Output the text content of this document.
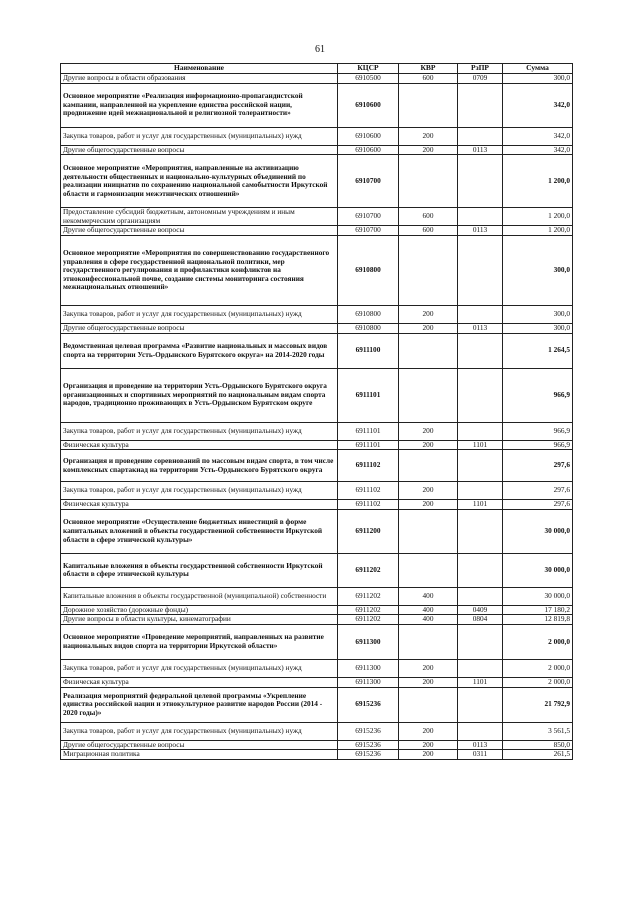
61
Наименование	КЦСР	КВР	РзПР	Сумма
Другие вопросы в области образования	6910500	600	0709	300,0
Основное мероприятие «Реализация информационно-пропагандистской кампании, направленной на укрепление единства российской нации, продвижение идей межнациональной и религиозной толерантности»	6910600			342,0
Закупка товаров, работ и услуг для государственных (муниципальных) нужд	6910600	200		342,0
Другие общегосударственные вопросы	6910600	200	0113	342,0
Основное мероприятие «Мероприятия, направленные на активизацию деятельности общественных и национально-культурных объединений по реализации инициатив по сохранению национальной самобытности Иркутской области и гармонизации межэтнических отношений»	6910700			1 200,0
Предоставление субсидий бюджетным, автономным учреждениям и иным некоммерческим организациям	6910700	600		1 200,0
Другие общегосударственные вопросы	6910700	600	0113	1 200,0
Основное мероприятие «Мероприятия по совершенствованию государственного управления в сфере государственной национальной политики, мер государственного регулирования и профилактики конфликтов на этноконфессиональной почве, создание системы мониторинга состояния межнациональных отношений»	6910800			300,0
Закупка товаров, работ и услуг для государственных (муниципальных) нужд	6910800	200		300,0
Другие общегосударственные вопросы	6910800	200	0113	300,0
Ведомственная целевая программа «Развитие национальных и массовых видов спорта на территории Усть-Ордынского Бурятского округа» на 2014-2020 годы	6911100			1 264,5
Организация и проведение на территории Усть-Ордынского Бурятского округа организационных и спортивных мероприятий по национальным видам спорта народов, традиционно проживающих в Усть-Ордынском Бурятском округе	6911101			966,9
Закупка товаров, работ и услуг для государственных (муниципальных) нужд	6911101	200		966,9
Физическая культура	6911101	200	1101	966,9
Организация и проведение соревнований по массовым видам спорта, в том числе комплексных спартакиад на территории Усть-Ордынского Бурятского округа	6911102			297,6
Закупка товаров, работ и услуг для государственных (муниципальных) нужд	6911102	200		297,6
Физическая культура	6911102	200	1101	297,6
Основное мероприятие «Осуществление бюджетных инвестиций в форме капитальных вложений в объекты государственной собственности Иркутской области в сфере этнической культуры»	6911200			30 000,0
Капитальные вложения в объекты государственной собственности Иркутской области в сфере этнической культуры	6911202			30 000,0
Капитальные вложения в объекты государственной (муниципальной) собственности	6911202	400		30 000,0
Дорожное хозяйство (дорожные фонды)	6911202	400	0409	17 180,2
Другие вопросы в области культуры, кинематографии	6911202	400	0804	12 819,8
Основное мероприятие «Проведение мероприятий, направленных на развитие национальных видов спорта на территории Иркутской области»	6911300			2 000,0
Закупка товаров, работ и услуг для государственных (муниципальных) нужд	6911300	200		2 000,0
Физическая культура	6911300	200	1101	2 000,0
Реализация мероприятий федеральной целевой программы «Укрепление единства российской нации и этнокультурное развитие народов России (2014 - 2020 годы)»	6915236			21 792,9
Закупка товаров, работ и услуг для государственных (муниципальных) нужд	6915236	200		3 561,5
Другие общегосударственные вопросы	6915236	200	0113	850,0
Миграционная политика	6915236	200	0311	261,5
